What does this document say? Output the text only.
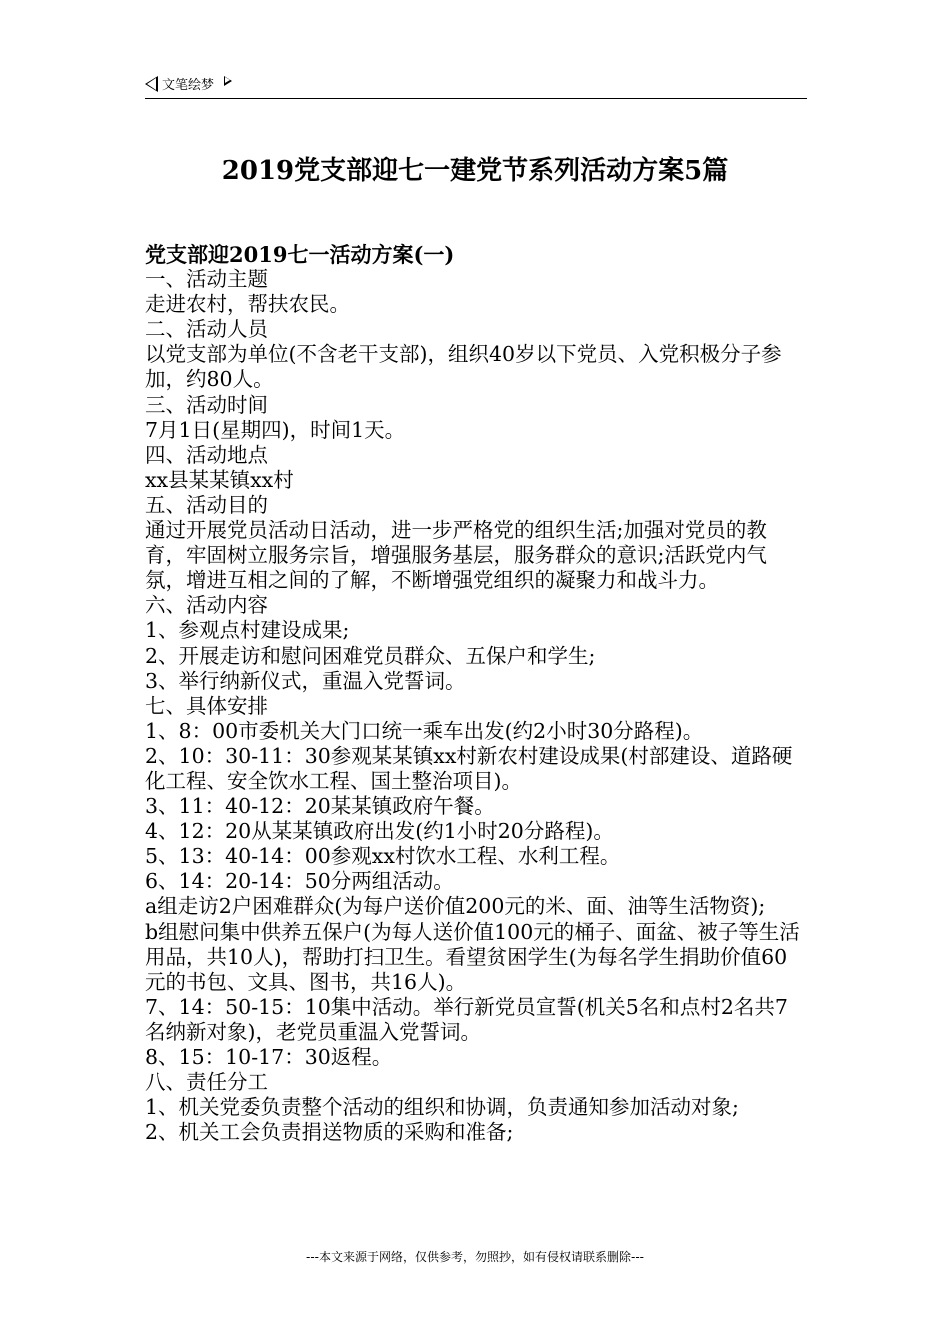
文笔绘梦
2019党支部迎七一建党节系列活动方案5篇

党支部迎2019七一活动方案(一)

一、活动主题

走进农村，帮扶农民。

二、活动人员

以党支部为单位(不含老干支部)，组织40岁以下党员、入党积极分子参加，约80人。

三、活动时间

7月1日(星期四)，时间1天。

四、活动地点

xx县某某镇xx村

五、活动目的

通过开展党员活动日活动，进一步严格党的组织生活;加强对党员的教育，牢固树立服务宗旨，增强服务基层，服务群众的意识;活跃党内气氛，增进互相之间的了解，不断增强党组织的凝聚力和战斗力。

六、活动内容

1、参观点村建设成果;

2、开展走访和慰问困难党员群众、五保户和学生;

3、举行纳新仪式，重温入党誓词。

七、具体安排

1、8：00市委机关大门口统一乘车出发(约2小时30分路程)。

2、10：30-11：30参观某某镇xx村新农村建设成果(村部建设、道路硬化工程、安全饮水工程、国土整治项目)。

3、11：40-12：20某某镇政府午餐。

4、12：20从某某镇政府出发(约1小时20分路程)。

5、13：40-14：00参观xx村饮水工程、水利工程。

6、14：20-14：50分两组活动。

a组走访2户困难群众(为每户送价值200元的米、面、油等生活物资);

b组慰问集中供养五保户(为每人送价值100元的桶子、面盆、被子等生活用品，共10人)，帮助打扫卫生。看望贫困学生(为每名学生捐助价值60元的书包、文具、图书，共16人)。

7、14：50-15：10集中活动。举行新党员宣誓(机关5名和点村2名共7名纳新对象)，老党员重温入党誓词。

8、15：10-17：30返程。

八、责任分工

1、机关党委负责整个活动的组织和协调，负责通知参加活动对象;

2、机关工会负责捐送物质的采购和准备;

---本文来源于网络，仅供参考，勿照抄，如有侵权请联系删除---
